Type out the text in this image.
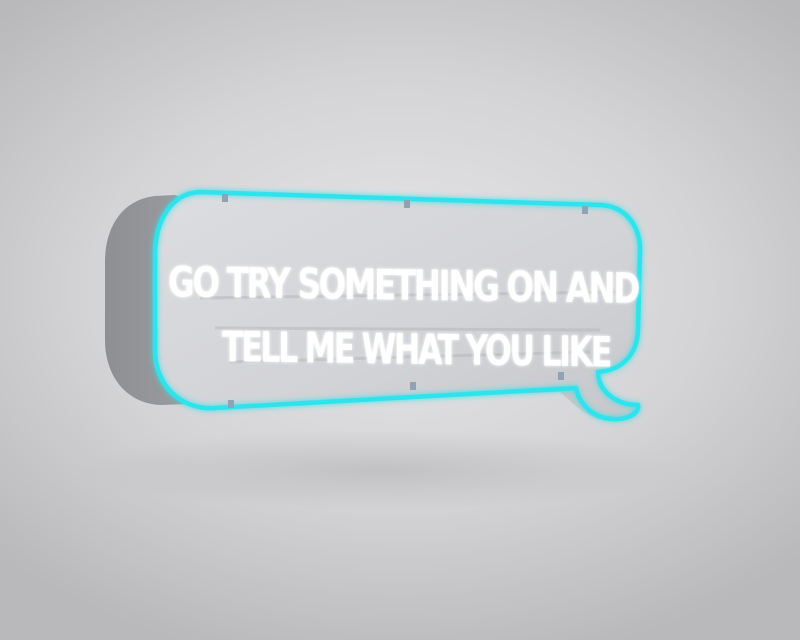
GO TRY SOMETHING ON AND
TELL ME WHAT YOU LIKE
